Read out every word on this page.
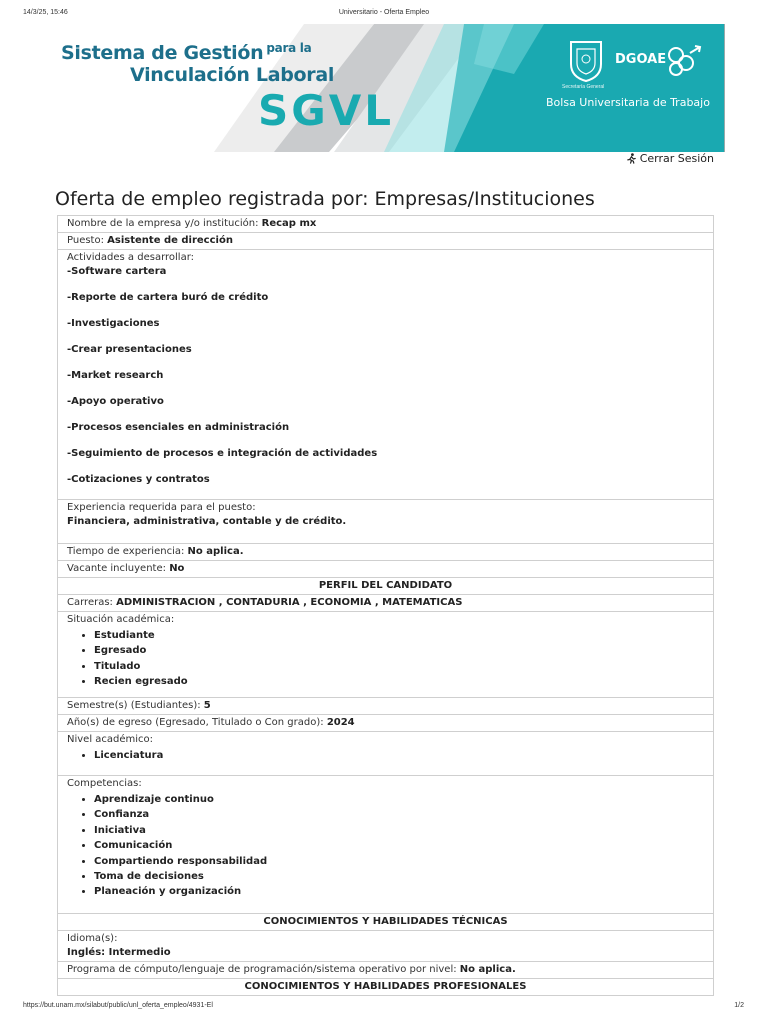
14/3/25, 15:46	Universitario - Oferta Empleo
Sistema de Gestión $^{para la}$
Vinculación Laboral
SGVL	Secretaría General
DGOAE
Bolsa Universitaria de Trabajo
Cerrar Sesión
Oferta de empleo registrada por: Empresas/Instituciones
Nombre de la empresa y/o institución: Recap mx
Puesto: Asistente de dirección

Actividades a desarrollar:
-Software cartera
-Reporte de cartera buró de crédito
-Investigaciones
-Crear presentaciones
-Market research
-Apoyo operativo
-Procesos esenciales en administración
-Seguimiento de procesos e integración de actividades
-Cotizaciones y contratos

Experiencia requerida para el puesto:
Financiera, administrativa, contable y de crédito.

Tiempo de experiencia: No aplica.
Vacante incluyente: No
PERFIL DEL CANDIDATO
Carreras: ADMINISTRACION , CONTADURIA , ECONOMIA , MATEMATICAS

Situación académica:
• Estudiante
• Egresado
• Titulado
• Recien egresado

Semestre(s) (Estudiantes): 5
Año(s) de egreso (Egresado, Titulado o Con grado): 2024

Nivel académico:
• Licenciatura

Competencias:
• Aprendizaje continuo
• Confianza
• Iniciativa
• Comunicación
• Compartiendo responsabilidad
• Toma de decisiones
• Planeación y organización

CONOCIMIENTOS Y HABILIDADES TÉCNICAS

Idioma(s):
Inglés: Intermedio

Programa de cómputo/lenguaje de programación/sistema operativo por nivel: No aplica.
CONOCIMIENTOS Y HABILIDADES PROFESIONALES
https://but.unam.mx/silabut/public/unl_oferta_empleo/4931-El	1/2
